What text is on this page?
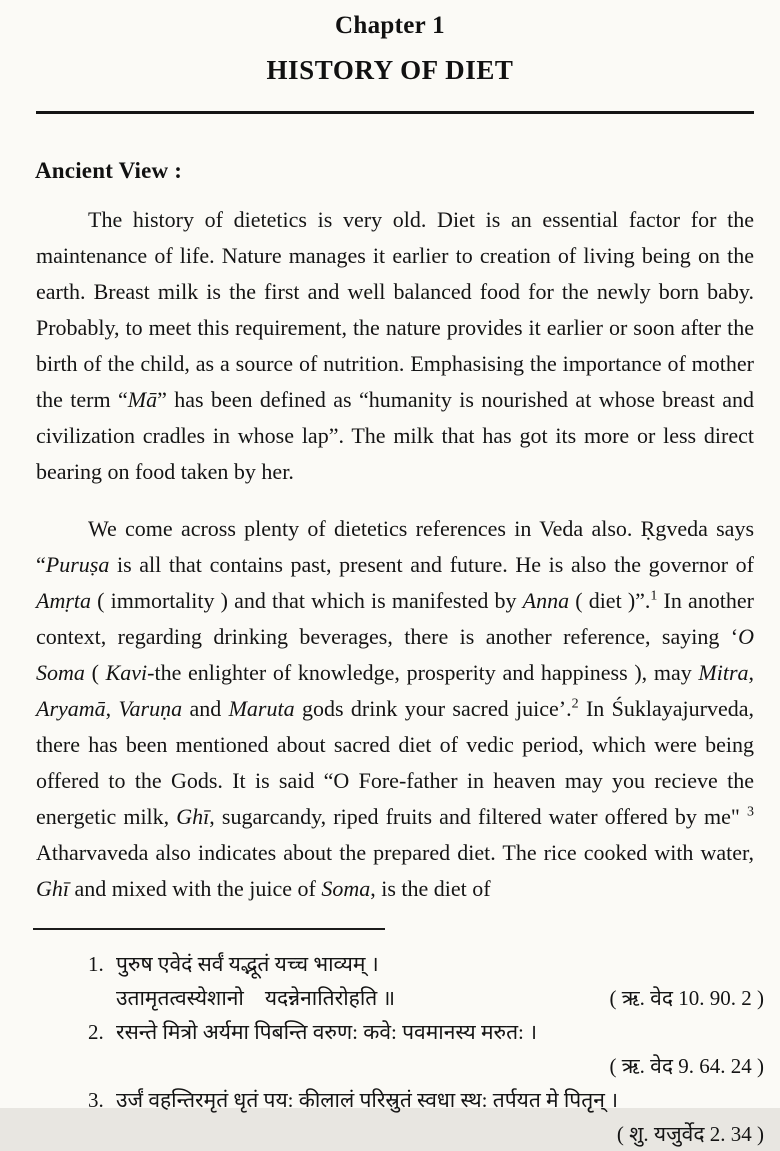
Chapter 1
HISTORY OF DIET
Ancient View :

The history of dietetics is very old. Diet is an essential factor for the maintenance of life. Nature manages it earlier to creation of living being on the earth. Breast milk is the first and well balanced food for the newly born baby. Probably, to meet this requirement, the nature provides it earlier or soon after the birth of the child, as a source of nutrition. Emphasising the importance of mother the term “Mā” has been defined as “humanity is nourished at whose breast and civilization cradles in whose lap”. The milk that has got its more or less direct bearing on food taken by her.

We come across plenty of dietetics references in Veda also. Ṛgveda says “Puruṣa is all that contains past, present and future. He is also the governor of Amṛta ( immortality ) and that which is manifested by Anna ( diet )”.$^1$ In another context, regarding drinking beverages, there is another reference, saying ‘O Soma ( Kavi-the enlighter of knowledge, prosperity and happiness ), may Mitra, Aryamā, Varuṇa and Maruta gods drink your sacred juice’.$^2$ In Śuklayajurveda, there has been mentioned about sacred diet of vedic period, which were being offered to the Gods. It is said “O Fore-father in heaven may you recieve the energetic milk, Ghī, sugarcandy, riped fruits and filtered water offered by me" $^3$ Atharvaveda also indicates about the prepared diet. The rice cooked with water, Ghī and mixed with the juice of Soma, is the diet of

1. पुरुष एवेदं सर्वं यद्भूतं यच्च भाव्यम् ।
उतामृतत्वस्येशानो    यदन्नेनातिरोहति ॥	( ऋ. वेद 10. 90. 2 )
2. रसन्ते मित्रो अर्यमा पिबन्ति वरुण: कवे: पवमानस्य मरुत: ।
( ऋ. वेद 9. 64. 24 )
3. उर्जं वहन्तिरमृतं धृतं पय: कीलालं परिस्रुतं स्वधा स्थ: तर्पयत मे पितृृन् ।
( शु. यजुर्वेद 2. 34 )
